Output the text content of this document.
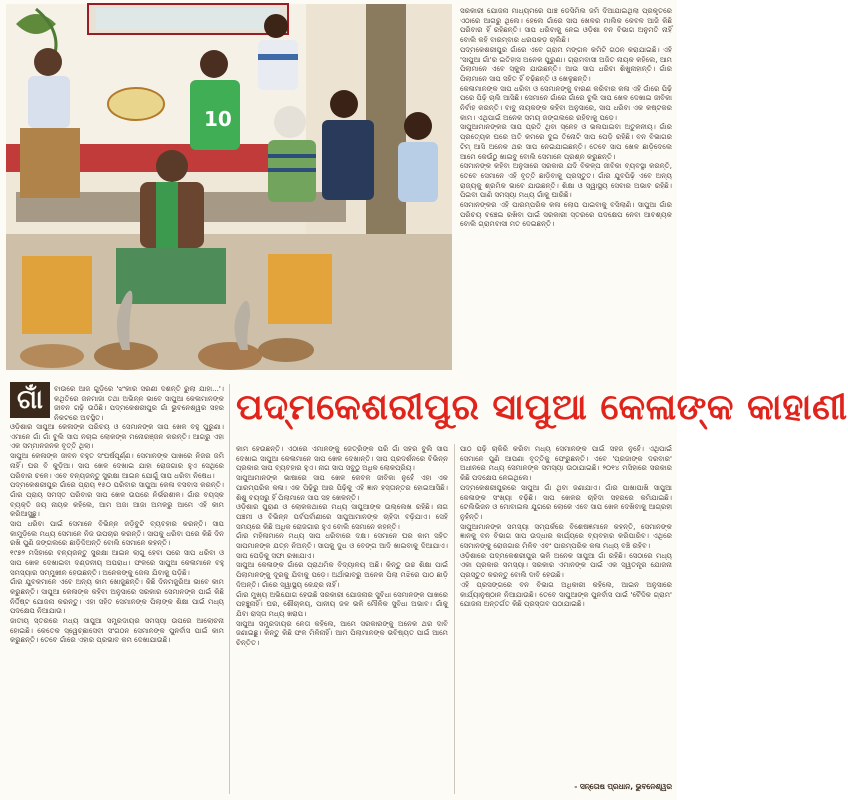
10

ସରକାରୀ ଯୋଜନା ମାଧ୍ୟମରେ ପାଞ୍ଚ ଡେସିମିଲ ଜମି ଦିଆଯାଇଥିଲା ପ୍ରକୃତରେ ଏଠାରେ ଆଗରୁ ଥିଲେ। ହେଲେ ଗାଁରେ ସାପ ଖେଳର ମାଲିକ କେବଳ ଆଜି କିଛି ପରିବାର ହିଁ ରହିଛନ୍ତି। ସାପ ଧରିବାକୁ ନେଇ ଓଡ଼ିଶା ବନ ବିଭାଗ ଅନୁମତି ନାହିଁ ବୋଲି କହି ବାରମ୍ବାର ଧରପକଡ଼ ଚାଲିଛି।

ପଦ୍ମକେଶରୀପୁର ଗାଁରେ ଏବେ ଗ୍ରାମ ମଙ୍ଗଳ କମିଟି ଗଠନ କରାଯାଇଛି। ଏହି 'ସାପୁଆ ଗାଁ'ର ଇତିହାସ ଅନେକ ପୁରୁଣା। ଗ୍ରାମବାସୀ ଅଜିତ ନାୟକ କହିଲେ, ଆମ ପିଲାମାନେ ଏବେ ସ୍କୁଲ ଯାଉଛନ୍ତି। ଆଉ ସାପ ଧରିବା ଶିଖୁନାହାନ୍ତି। ଗାଁର ପିଲାମାନେ ସାପ ସହିତ ହିଁ ବଢ଼ିଛନ୍ତି ଓ ଖେଳୁଛନ୍ତି।

କେଳାମାନଙ୍କ ସାପ ଧରିବା ଓ ସେମାନଙ୍କୁ ବାରଣ କରିବାର କଳା ଏହି ଗାଁରେ ପିଢ଼ି ପରେ ପିଢ଼ି ଚାଲି ଆସିଛି। ସେମାନେ ଗାଁରେ ଗାଁରେ ବୁଲି ସାପ ଖେଳ ଦେଖାଇ ଜୀବିକା ନିର୍ବାହ କରନ୍ତି। ବାବୁ ନାୟକଙ୍କ କହିବା ଅନୁସାରେ, ସାପ ଧରିବା ଏକ କଷ୍ଟକର କାମ। ଏଥିପାଇଁ ଅନେକ ସମୟ ଜଙ୍ଗଲରେ ରହିବାକୁ ପଡ଼େ।

ସାପୁଆମାନଙ୍କର ସାପ ପ୍ରତି ଥିବା ସ୍ନେହ ଓ ଭଲପାଇବା ଅତୁଳନୀୟ। ଗାଁର ପ୍ରତ୍ୟେକ ଘରେ ଅତି କମରେ ଦୁଇ ତିନୋଟି ସାପ ପେଡ଼ି ରହିଛି। ବନ ବିଭାଗର ଟିମ୍ ଆସି ଅନେକ ଥର ସାପ ନେଇଯାଇଛନ୍ତି। ତେବେ ସାପ ଖେଳ ଛାଡ଼ିଦେଲେ ଆମେ କେଉଁଠୁ ଖାଇବୁ ବୋଲି ସେମାନେ ପ୍ରଶ୍ନ କରୁଛନ୍ତି।

ସେମାନଙ୍କ କହିବା ଅନୁସାରେ ସରକାର ଯଦି ବିକଳ୍ପ ଜୀବିକା ବ୍ୟବସ୍ଥା କରନ୍ତି, ତେବେ ସେମାନେ ଏହି ବୃତ୍ତି ଛାଡ଼ିବାକୁ ପ୍ରସ୍ତୁତ। ଗାଁର ଯୁବପିଢ଼ି ଏବେ ଅନ୍ୟ ରାଜ୍ୟକୁ ଶ୍ରମିକ ଭାବେ ଯାଉଛନ୍ତି। ଶିକ୍ଷା ଓ ସ୍ୱାସ୍ଥ୍ୟ ସେବାର ଅଭାବ ରହିଛି। ପିଇବା ପାଣି ସମସ୍ୟା ମଧ୍ୟ ଗାଁକୁ ଘାରିଛି।

ସେମାନଙ୍କର ଏହି ପାରମ୍ପରିକ କଳା ଲୋପ ପାଇବାକୁ ବସିଲାଣି। ସାପୁଆ ଗାଁର ପରିଚୟ ବଞ୍ଚେଇ ରଖିବା ପାଇଁ ସରକାରୀ ସ୍ତରରେ ପଦକ୍ଷେପ ନେବା ଆବଶ୍ୟକ ବୋଲି ଗ୍ରାମବାସୀ ମତ ଦେଇଛନ୍ତି।

ଗାଁ	ପଦ୍ମକେଶରୀପୁର ସାପୁଆ କେଳାଙ୍କ କାହାଣୀ

ବାଉରେ ଆଜ ଗୁଡ଼ିରେ 'ଝଂକାର ସରଣୀ ଦଶନ୍ତି ରୁଲା ଯାହା...'। କଥିତିରେ ଜନମାଜା ତଥା ଅଭିନ୍ନ ଭାବେ ସାପୁଆ କେଳାମାନଙ୍କ ଜୀବନ ଗଢ଼ି ଉଠିଛି। ପଦ୍ମକେଶରୀପୁର ଗାଁ ଭୁବନେଶ୍ୱର ସହର ନିକଟରେ ଅବସ୍ଥିତ।

ଓଡ଼ିଶାର ସାପୁଆ କେଳାଙ୍କ ପରିଚୟ ଓ ସେମାନଙ୍କ ସାପ ଖେଳ ବହୁ ପୁରୁଣା। ଏମାନେ ଗାଁ ଗାଁ ବୁଲି ସାପ ନଚାଇ ଲୋକଙ୍କ ମନୋରଞ୍ଜନ କରନ୍ତି। ଆଗରୁ ଏହା ଏକ ସମ୍ମାନଜନକ ବୃତ୍ତି ଥିଲା।

ସାପୁଆ କେଳାଙ୍କ ଜୀବନ ବହୁତ ସଂଘର୍ଷପୂର୍ଣ୍ଣ। ସେମାନଙ୍କ ପାଖରେ ନିଜର ଜମି ନାହିଁ। ଘର ବି କୁଡ଼ିଆ। ସାପ ଖେଳ ଦେଖାଇ ଯାହା ରୋଜଗାର ହୁଏ ସେଥିରେ ପରିବାର ଚଳେ। ଏବେ ବନ୍ୟଜନ୍ତୁ ସୁରକ୍ଷା ଆଇନ ଯୋଗୁଁ ସାପ ଧରିବା ନିଷେଧ।

ପଦ୍ମକେଶରୀପୁର ଗାଁରେ ପ୍ରାୟ ୧୫୦ ପରିବାର ସାପୁଆ କେଳା ବସବାସ କରନ୍ତି। ଗାଁର ପ୍ରାୟ ସମସ୍ତ ପରିବାର ସାପ ଖେଳ ଉପରେ ନିର୍ଭରଶୀଳ। ଗାଁର ବୟସ୍କ ବ୍ୟକ୍ତି ଜୟ ନାୟକ କହିଲେ, ଆମ ଅଜା ଆଜା ଅମଳରୁ ଆମେ ଏହି କାମ କରିଆସୁଛୁ।

ସାପ ଧରିବା ପାଇଁ ସେମାନେ ବିଭିନ୍ନ ଜଡ଼ିବୁଟି ବ୍ୟବହାର କରନ୍ତି। ସାପ କାମୁଡ଼ିଲେ ମଧ୍ୟ ସେମାନେ ନିଜ ଉପଚାର କରନ୍ତି। ସାପକୁ ଧରିବା ପରେ କିଛି ଦିନ ରଖି ପୁଣି ଜଙ୍ଗଲରେ ଛାଡ଼ିଦିଅନ୍ତି ବୋଲି ସେମାନେ କହନ୍ତି।

୧୯୭୨ ମସିହାରେ ବନ୍ୟଜନ୍ତୁ ସୁରକ୍ଷା ଆଇନ ଲାଗୁ ହେବା ପରେ ସାପ ଧରିବା ଓ ସାପ ଖେଳ ଦେଖାଇବା ଦଣ୍ଡନୀୟ ଅପରାଧ। ଫଳରେ ସାପୁଆ କେଳାମାନେ ବହୁ ସମସ୍ୟାର ସମ୍ମୁଖୀନ ହେଉଛନ୍ତି। ଅନେକଙ୍କୁ ଜେଲ ଯିବାକୁ ପଡ଼ିଛି।

ଗାଁର ଯୁବକମାନେ ଏବେ ଅନ୍ୟ କାମ ଖୋଜୁଛନ୍ତି। କିଛି ଦିନମଜୁରିଆ ଭାବେ କାମ କରୁଛନ୍ତି। ସାପୁଆ କେଳାଙ୍କ କହିବା ଅନୁସାରେ ସରକାର ସେମାନଙ୍କ ପାଇଁ କିଛି ନିର୍ଦ୍ଦିଷ୍ଟ ଯୋଜନା କରନ୍ତୁ। ଏହା ସହିତ ସେମାନଙ୍କ ପିଲାଙ୍କ ଶିକ୍ଷା ପାଇଁ ମଧ୍ୟ ପଦକ୍ଷେପ ନିଆଯାଉ।

ଜାତୀୟ ସ୍ତରରେ ମଧ୍ୟ ସାପୁଆ ସମ୍ପ୍ରଦାୟର ସମସ୍ୟା ଉପରେ ଆଲୋଚନା ହୋଇଛି। କେତେକ ସ୍ୱେଚ୍ଛାସେବୀ ସଂଗଠନ ସେମାନଙ୍କ ପୁନର୍ବାସ ପାଇଁ କାମ କରୁଛନ୍ତି। ତେବେ ଗାଁରେ ଏହାର ପ୍ରଭାବ କମ ଦେଖାଯାଉଛି।

କାମ ହେଉଛନ୍ତି। ଏଠାରେ ଏମାନଙ୍କୁ ଜେତ୍ରିଙ୍କ ପରି ଗାଁ ସହର ବୁଲି ସାପ ଦେଖାଇ ସାପୁଆ କେଳାମାନେ ସାପ ଖେଳ ଦେଖାନ୍ତି। ସାପ ପ୍ରଦର୍ଶନରେ ବିଭିନ୍ନ ପ୍ରକାର ସାପ ବ୍ୟବହାର ହୁଏ। ନାଗ ସାପ ସବୁଠୁ ଅଧିକ ଲୋକପ୍ରିୟ।

ସାପୁଆମାନଙ୍କ ଭାଷାରେ ସାପ ଖେଳ କେବଳ ଜୀବିକା ନୁହେଁ ଏହା ଏକ ପାରମ୍ପରିକ କଳା। ଏକ ପିଢ଼ିରୁ ଆର ପିଢ଼ିକୁ ଏହି ଜ୍ଞାନ ହସ୍ତାନ୍ତର ହୋଇଆସିଛି। ଶିଶୁ ବୟସରୁ ହିଁ ପିଲାମାନେ ସାପ ସହ ଖେଳନ୍ତି।

ଓଡ଼ିଶାର ପୁରାଣ ଓ ଲୋକକଥାରେ ମଧ୍ୟ ସାପୁଆଙ୍କ ଉଲ୍ଲେଖ ରହିଛି। ନାଗ ପଞ୍ଚମୀ ଓ ବିଭିନ୍ନ ପର୍ବପର୍ବାଣୀରେ ସାପୁଆମାନଙ୍କ ଚାହିଦା ବଢ଼ିଯାଏ। ସେହି ସମୟରେ କିଛି ଅଧିକ ରୋଜଗାର ହୁଏ ବୋଲି ସେମାନେ କହନ୍ତି।

ଗାଁର ମହିଳାମାନେ ମଧ୍ୟ ସାପ ଧରିବାରେ ଦକ୍ଷ। ସେମାନେ ଘର କାମ ସହିତ ସାପମାନଙ୍କ ଯତ୍ନ ନିଅନ୍ତି। ସାପକୁ ଦୁଧ ଓ ବେଙ୍ଗ ଆଦି ଖାଇବାକୁ ଦିଆଯାଏ। ସାପ ପେଡ଼ିକୁ ସଫା ରଖାଯାଏ।

ସାପୁଆ କେଳାଙ୍କ ଗାଁରେ ପ୍ରାଥମିକ ବିଦ୍ୟାଳୟ ଅଛି। କିନ୍ତୁ ଉଚ୍ଚ ଶିକ୍ଷା ପାଇଁ ପିଲାମାନଙ୍କୁ ଦୂରକୁ ଯିବାକୁ ପଡ଼େ। ଅର୍ଥାଭାବରୁ ଅନେକ ପିଲା ମଝିରେ ପାଠ ଛାଡ଼ି ଦିଅନ୍ତି। ଗାଁରେ ସ୍ୱାସ୍ଥ୍ୟ କେନ୍ଦ୍ର ନାହିଁ।

ଗାଁର ମୁଖ୍ୟ ଅଭିଯୋଗ ହେଉଛି ସରକାରୀ ଯୋଜନାର ସୁବିଧା ସେମାନଙ୍କ ପାଖରେ ପହଞ୍ଚୁନାହିଁ। ଘର, ଶୌଚାଳୟ, ପାନୀୟ ଜଳ ଭଳି ମୌଳିକ ସୁବିଧା ଅଭାବ। ଗାଁକୁ ଯିବା ରାସ୍ତା ମଧ୍ୟ ଖରାପ।

ସାପୁଆ ସମ୍ପ୍ରଦାୟର ନେତା କହିଲେ, ଆମେ ସରକାରଙ୍କୁ ଅନେକ ଥର ଦାବି ଜଣାଇଛୁ। କିନ୍ତୁ କିଛି ଫଳ ମିଳିନାହିଁ। ଆମ ପିଲାମାନଙ୍କ ଭବିଷ୍ୟତ ପାଇଁ ଆମେ ଚିନ୍ତିତ।

ପାଠ ପଢ଼ି ଚାକିରି କରିବା ମଧ୍ୟ ସେମାନଙ୍କ ପାଇଁ ସହଜ ନୁହେଁ। ଏଥିପାଇଁ ସେମାନେ ପୁଣି ଆପଣା ବୃତ୍ତିକୁ ଫେରୁଛନ୍ତି। ଏବେ 'ପ୍ରଜାଙ୍କ ଦରବାର' ଅଧୀନରେ ମଧ୍ୟ ସେମାନଙ୍କ ସମସ୍ୟା ଉଠାଯାଇଛି। ୨୦୧୪ ମସିହାରେ ସରକାର କିଛି ପଦକ୍ଷେପ ନେଇଥିଲେ।

ପଦ୍ମକେଶରୀପୁରରେ ସାପୁଆ ଗାଁ ଥିବା ଜଣାଯାଏ। ଗାଁର ପାଖାପାଖି ସାପୁଆ କେଳାଙ୍କ ସଂଖ୍ୟା ବଢ଼ିଛି। ସାପ ଖେଳର ଚାହିଦା ସହରରେ କମିଯାଇଛି। ଟେଲିଭିଜନ ଓ ମୋବାଇଲ ଯୁଗରେ ଲୋକେ ଏବେ ସାପ ଖେଳ ଦେଖିବାକୁ ଆଗ୍ରହୀ ନୁହଁନ୍ତି।

ସାପୁଆମାନଙ୍କ ସମସ୍ୟା ସମ୍ପର୍କରେ ବିଶେଷଜ୍ଞମାନେ କହନ୍ତି, ସେମାନଙ୍କ ଜ୍ଞାନକୁ ବନ ବିଭାଗ ସାପ ଉଦ୍ଧାର କାର୍ଯ୍ୟରେ ବ୍ୟବହାର କରିପାରିବ। ଏଥିରେ ସେମାନଙ୍କୁ ରୋଜଗାର ମିଳିବ ଏବଂ ପାରମ୍ପରିକ କଳା ମଧ୍ୟ ବଞ୍ଚି ରହିବ।

ଓଡ଼ିଶାରେ ପଦ୍ମକେଶରୀପୁର ଭଳି ଅନେକ ସାପୁଆ ଗାଁ ରହିଛି। ସେଠାରେ ମଧ୍ୟ ଏକା ପ୍ରକାର ସମସ୍ୟା। ସରକାର ଏମାନଙ୍କ ପାଇଁ ଏକ ସ୍ୱତନ୍ତ୍ର ଯୋଜନା ପ୍ରସ୍ତୁତ କରନ୍ତୁ ବୋଲି ଦାବି ହେଉଛି।

ଏହି ପ୍ରସଙ୍ଗରେ ବନ ବିଭାଗ ଅଧିକାରୀ କହିଲେ, ଆଇନ ଅନୁସାରେ କାର୍ଯ୍ୟାନୁଷ୍ଠାନ ନିଆଯାଉଛି। ତେବେ ସାପୁଆଙ୍କ ପୁନର୍ବାସ ପାଇଁ 'ବୈଦିକ ଗ୍ରାମ' ଯୋଜନା ଅନ୍ତର୍ଗତ କିଛି ପ୍ରସ୍ତାବ ପଠାଯାଇଛି।

- ସନ୍ତୋଷ ପ୍ରଧାନ, ଭୁବନେଶ୍ୱର
